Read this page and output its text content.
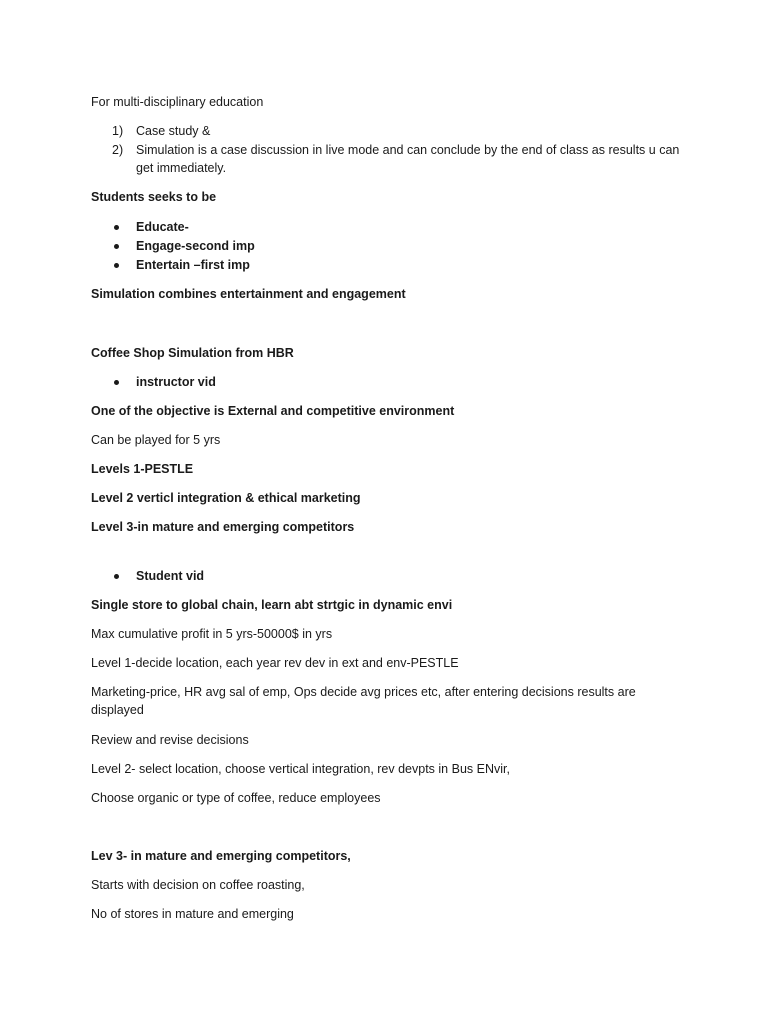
For multi-disciplinary education
1) Case study &
2) Simulation is a case discussion in live mode and can conclude by the end of class as results u can get immediately.
Students seeks to be
Educate-
Engage-second imp
Entertain –first imp
Simulation combines entertainment and engagement
Coffee Shop Simulation from HBR
instructor vid
One of the objective is External and competitive environment
Can be played for 5 yrs
Levels 1-PESTLE
Level 2 verticl integration & ethical marketing
Level 3-in mature and emerging competitors
Student vid
Single store to global chain, learn abt strtgic in dynamic envi
Max cumulative profit in 5 yrs-50000$ in yrs
Level 1-decide location, each year rev dev in ext and env-PESTLE
Marketing-price, HR avg sal of emp, Ops decide avg prices etc, after entering decisions results are displayed
Review and revise decisions
Level 2- select location, choose vertical integration, rev devpts in Bus ENvir,
Choose organic or type of coffee, reduce employees
Lev 3- in mature and emerging competitors,
Starts with decision on coffee roasting,
No of stores in mature and emerging
